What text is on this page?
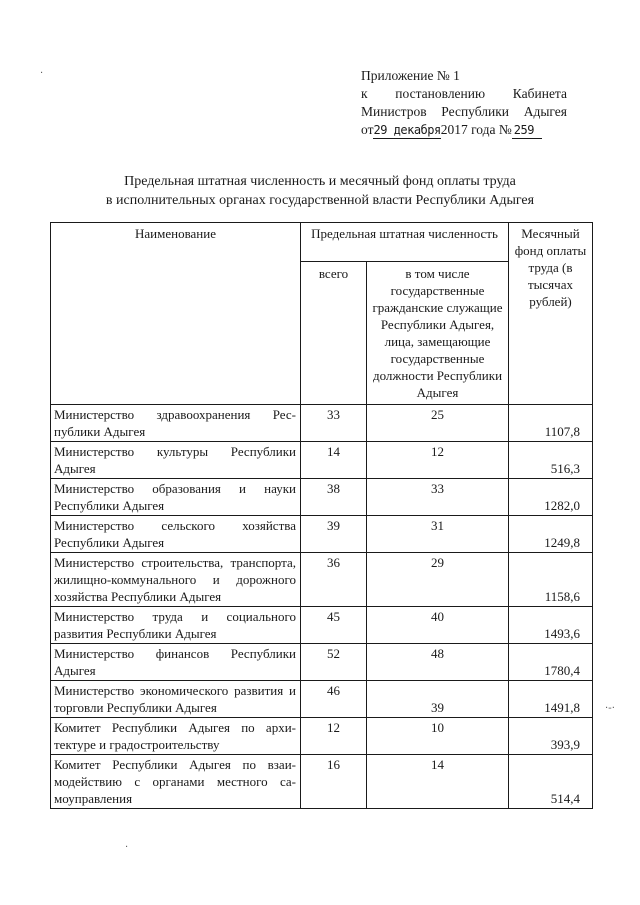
Приложение № 1
к постановлению Кабинета
Министров Республики Адыгея
от29 декабря2017 года № 259
Предельная штатная численность и месячный фонд оплаты труда
в исполнительных органах государственной власти Республики Адыгея
Наименование	Предельная штатная численность		Месячный фонд оплаты труда (в тысячах рублей)
	всего	в том числе государственные гражданские служащие Республики Адыгея, лица, замещающие государственные должности Республики Адыгея	
Министерство здравоохранения Республики Адыгея	33	25	1107,8
Министерство культуры Республики Адыгея	14	12	516,3
Министерство образования и науки Республики Адыгея	38	33	1282,0
Министерство сельского хозяйства Республики Адыгея	39	31	1249,8
Министерство строительства, транспорта, жилищно-коммунального и дорожного хозяйства Республики Адыгея	36	29	1158,6
Министерство труда и социального развития Республики Адыгея	45	40	1493,6
Министерство финансов Республики Адыгея	52	48	1780,4
Министерство экономического развития и торговли Республики Адыгея	46	39	1491,8
Комитет Республики Адыгея по архитектуре и градостроительству	12	10	393,9
Комитет Республики Адыгея по взаимодействию с органами местного самоуправления	16	14	514,4
·
·‐·
·
